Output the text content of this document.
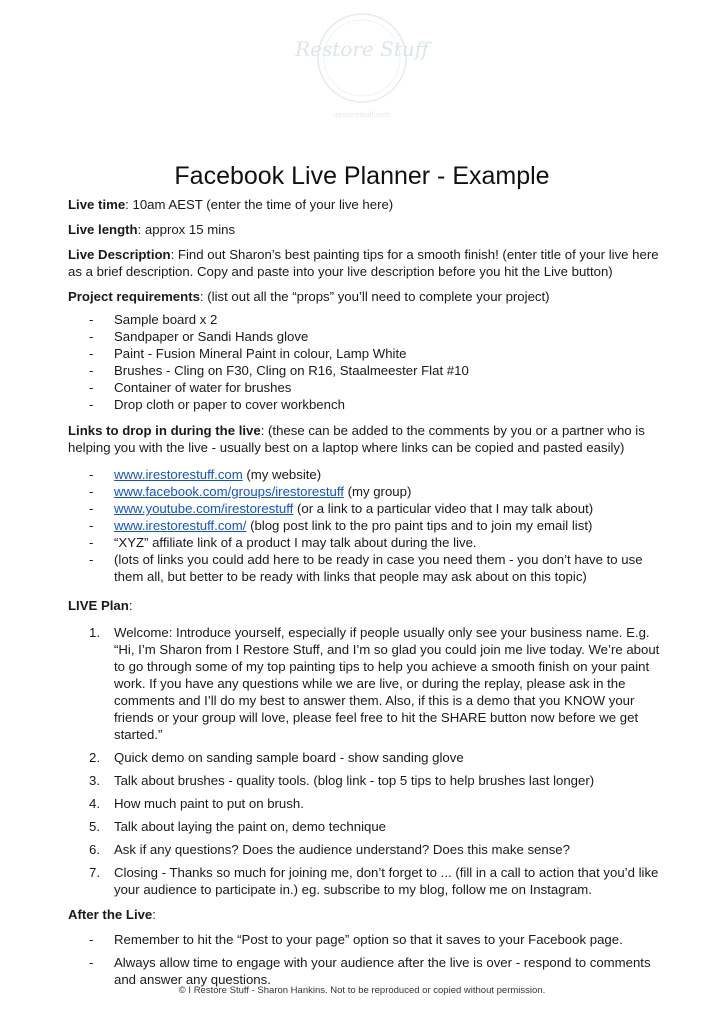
Restore Stuff
irestorestuff.com
Facebook Live Planner - Example

Live time: 10am AEST (enter the time of your live here)

Live length: approx 15 mins

Live Description: Find out Sharon’s best painting tips for a smooth finish! (enter title of your live here as a brief description. Copy and paste into your live description before you hit the Live button)

Project requirements: (list out all the “props” you’ll need to complete your project)

- Sample board x 2
- Sandpaper or Sandi Hands glove
- Paint - Fusion Mineral Paint in colour, Lamp White
- Brushes - Cling on F30, Cling on R16, Staalmeester Flat #10
- Container of water for brushes
- Drop cloth or paper to cover workbench

Links to drop in during the live: (these can be added to the comments by you or a partner who is helping you with the live - usually best on a laptop where links can be copied and pasted easily)

- www.irestorestuff.com (my website)
- www.facebook.com/groups/irestorestuff (my group)
- www.youtube.com/irestorestuff (or a link to a particular video that I may talk about)
- www.irestorestuff.com/ (blog post link to the pro paint tips and to join my email list)
- “XYZ” affiliate link of a product I may talk about during the live.
- (lots of links you could add here to be ready in case you need them - you don’t have to use them all, but better to be ready with links that people may ask about on this topic)

LIVE Plan:

1. Welcome: Introduce yourself, especially if people usually only see your business name. E.g. “Hi, I’m Sharon from I Restore Stuff, and I’m so glad you could join me live today. We’re about to go through some of my top painting tips to help you achieve a smooth finish on your paint work. If you have any questions while we are live, or during the replay, please ask in the comments and I’ll do my best to answer them. Also, if this is a demo that you KNOW your friends or your group will love, please feel free to hit the SHARE button now before we get started.”
2. Quick demo on sanding sample board - show sanding glove
3. Talk about brushes - quality tools. (blog link - top 5 tips to help brushes last longer)
4. How much paint to put on brush.
5. Talk about laying the paint on, demo technique
6. Ask if any questions? Does the audience understand? Does this make sense?
7. Closing - Thanks so much for joining me, don’t forget to ... (fill in a call to action that you’d like your audience to participate in.) eg. subscribe to my blog, follow me on Instagram.

After the Live:

- Remember to hit the “Post to your page” option so that it saves to your Facebook page.
- Always allow time to engage with your audience after the live is over - respond to comments and answer any questions.
© I Restore Stuff - Sharon Hankins. Not to be reproduced or copied without permission.
